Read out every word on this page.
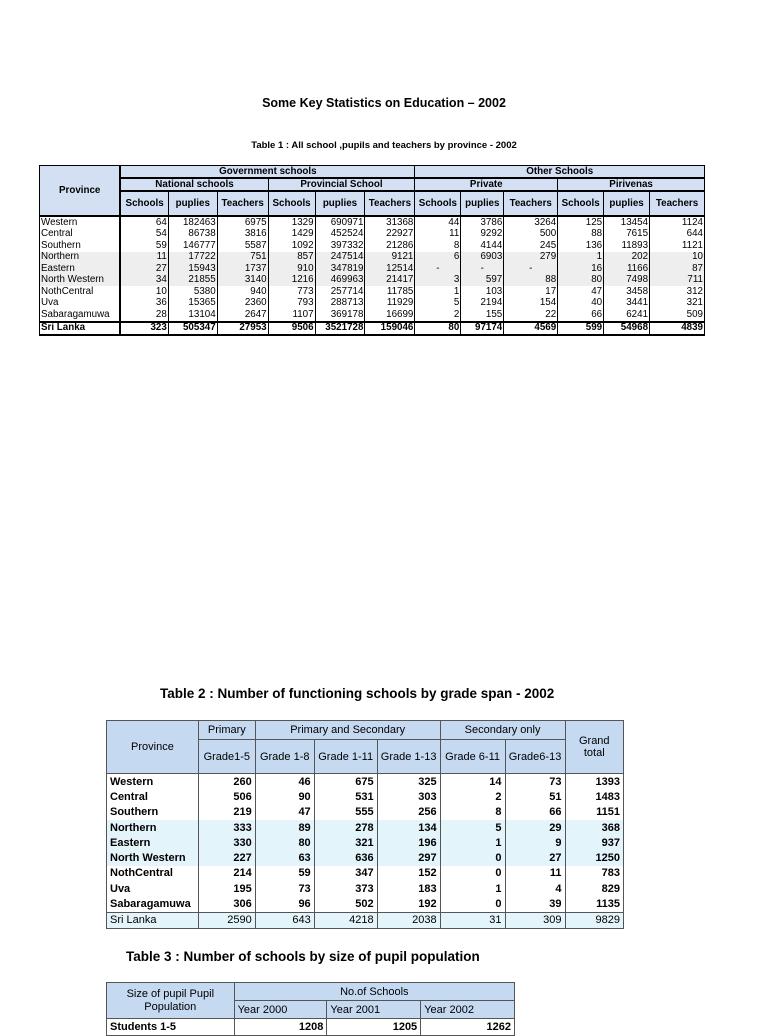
Some Key Statistics on Education – 2002
Table 1 : All school ,pupils and teachers by province - 2002
Province	Government schools						Other Schools					
	National schools			Provincial School			Private			Pirivenas		
	Schools	puplies	Teachers	Schools	puplies	Teachers	Schools	puplies	Teachers	Schools	puplies	Teachers
Western	64	182463	6975	1329	690971	31368	44	3786	3264	125	13454	1124
Central	54	86738	3816	1429	452524	22927	11	9292	500	88	7615	644
Southern	59	146777	5587	1092	397332	21286	8	4144	245	136	11893	1121
Northern	11	17722	751	857	247514	9121	6	6903	279	1	202	10
Eastern	27	15943	1737	910	347819	12514	-	-	-	16	1166	87
North Western	34	21855	3140	1216	469963	21417	3	597	88	80	7498	711
NothCentral	10	5380	940	773	257714	11785	1	103	17	47	3458	312
Uva	36	15365	2360	793	288713	11929	5	2194	154	40	3441	321
Sabaragamuwa	28	13104	2647	1107	369178	16699	2	155	22	66	6241	509
Sri Lanka	323	505347	27953	9506	3521728	159046	80	97174	4569	599	54968	4839
Table 2 : Number of functioning schools by grade span - 2002
Province	Primary	Primary and Secondary			Secondary only		Grand total
	Grade1-5	Grade 1-8	Grade 1-11	Grade 1-13	Grade 6-11	Grade6-13	
Western	260	46	675	325	14	73	1393
Central	506	90	531	303	2	51	1483
Southern	219	47	555	256	8	66	1151
Northern	333	89	278	134	5	29	368
Eastern	330	80	321	196	1	9	937
North Western	227	63	636	297	0	27	1250
NothCentral	214	59	347	152	0	11	783
Uva	195	73	373	183	1	4	829
Sabaragamuwa	306	96	502	192	0	39	1135
Sri Lanka	2590	643	4218	2038	31	309	9829
Table 3 : Number of schools by size of pupil population
Size of pupil Pupil Population	No.of Schools		
	Year 2000	Year 2001	Year 2002
Students 1-5	1208	1205	1262
